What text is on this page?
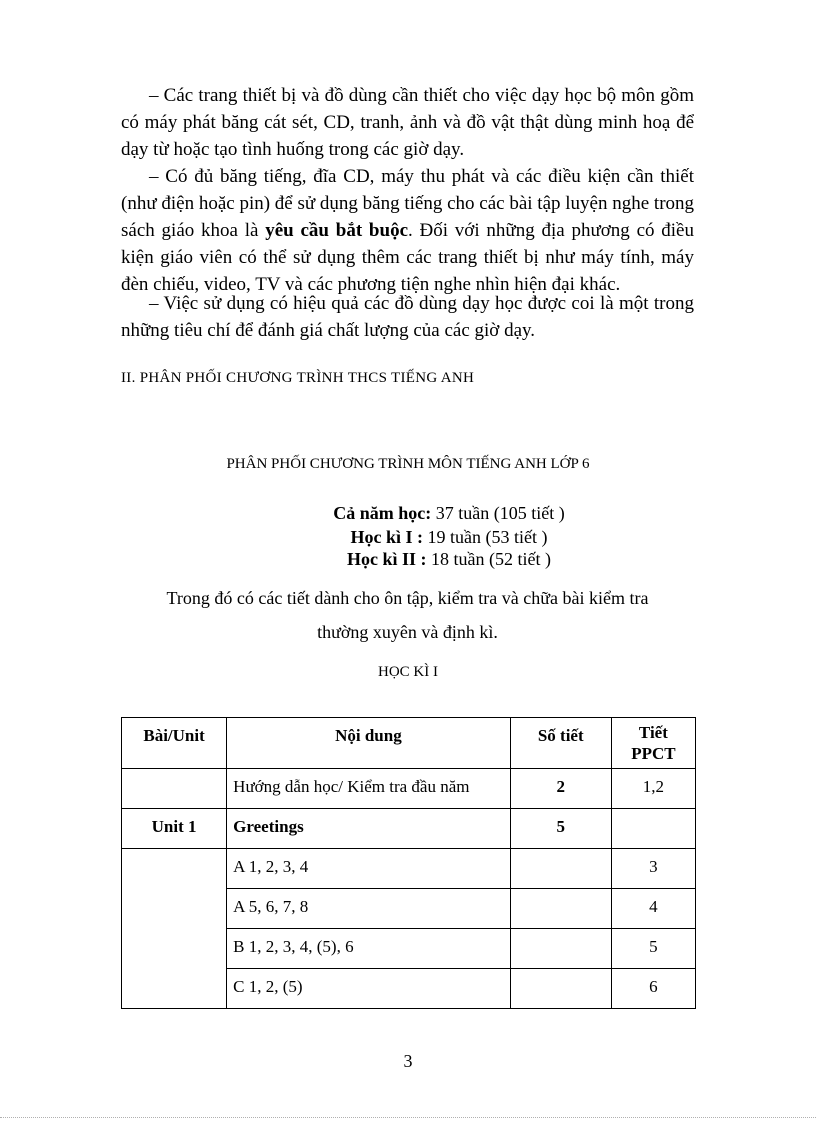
– Các trang thiết bị và đồ dùng cần thiết cho việc dạy học bộ môn gồm có máy phát băng cát sét, CD, tranh, ảnh và đồ vật thật dùng minh hoạ để dạy từ hoặc tạo tình huống trong các giờ dạy.

– Có đủ băng tiếng, đĩa CD, máy thu phát và các điều kiện cần thiết (như điện hoặc pin) để sử dụng băng tiếng cho các bài tập luyện nghe trong sách giáo khoa là yêu cầu bắt buộc. Đối với những địa phương có điều kiện giáo viên có thể sử dụng thêm các trang thiết bị như máy tính, máy đèn chiếu, video, TV và các phương tiện nghe nhìn hiện đại khác.

– Việc sử dụng có hiệu quả các đồ dùng dạy học được coi là một trong những tiêu chí để đánh giá chất lượng của các giờ dạy.

II. PHÂN PHỐI CHƯƠNG TRÌNH THCS TIẾNG ANH

PHÂN PHỐI CHƯƠNG TRÌNH MÔN TIẾNG ANH LỚP 6

Cả năm học: 37 tuần (105 tiết )

Học kì I : 19 tuần (53 tiết )

Học kì II : 18 tuần (52 tiết )

Trong đó có các tiết dành cho ôn tập, kiểm tra và chữa bài kiểm tra

thường xuyên và định kì.

HỌC KÌ I

Bài/Unit	Nội dung	Số tiết	Tiết
PPCT
	Hướng dẫn học/ Kiểm tra đầu năm	2	1,2
Unit 1	Greetings	5	
	A 1, 2, 3, 4		3
	A 5, 6, 7, 8		4
	B 1, 2, 3, 4, (5), 6		5
	C 1, 2, (5)		6

3
